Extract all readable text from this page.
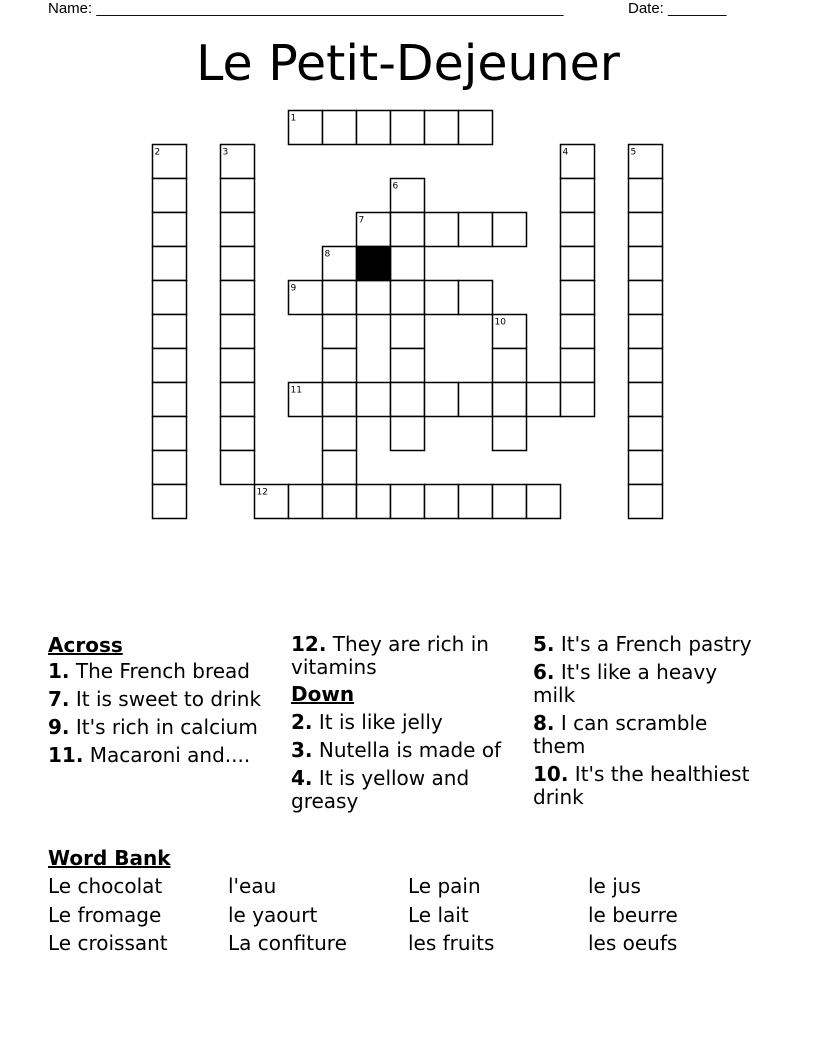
Name: ________________________________________________________	Date: _______
Le Petit-Dejeuner
1
2	3	4	5
6
7
8
9
10
11
12
Across
1. The French bread
7. It is sweet to drink
9. It's rich in calcium
11. Macaroni and....
12. They are rich in vitamins
Down
2. It is like jelly
3. Nutella is made of
4. It is yellow and greasy
5. It's a French pastry
6. It's like a heavy milk
8. I can scramble them
10. It's the healthiest drink
Word Bank
Le chocolat	l'eau	Le pain	le jus
Le fromage	le yaourt	Le lait	le beurre
Le croissant	La confiture	les fruits	les oeufs
